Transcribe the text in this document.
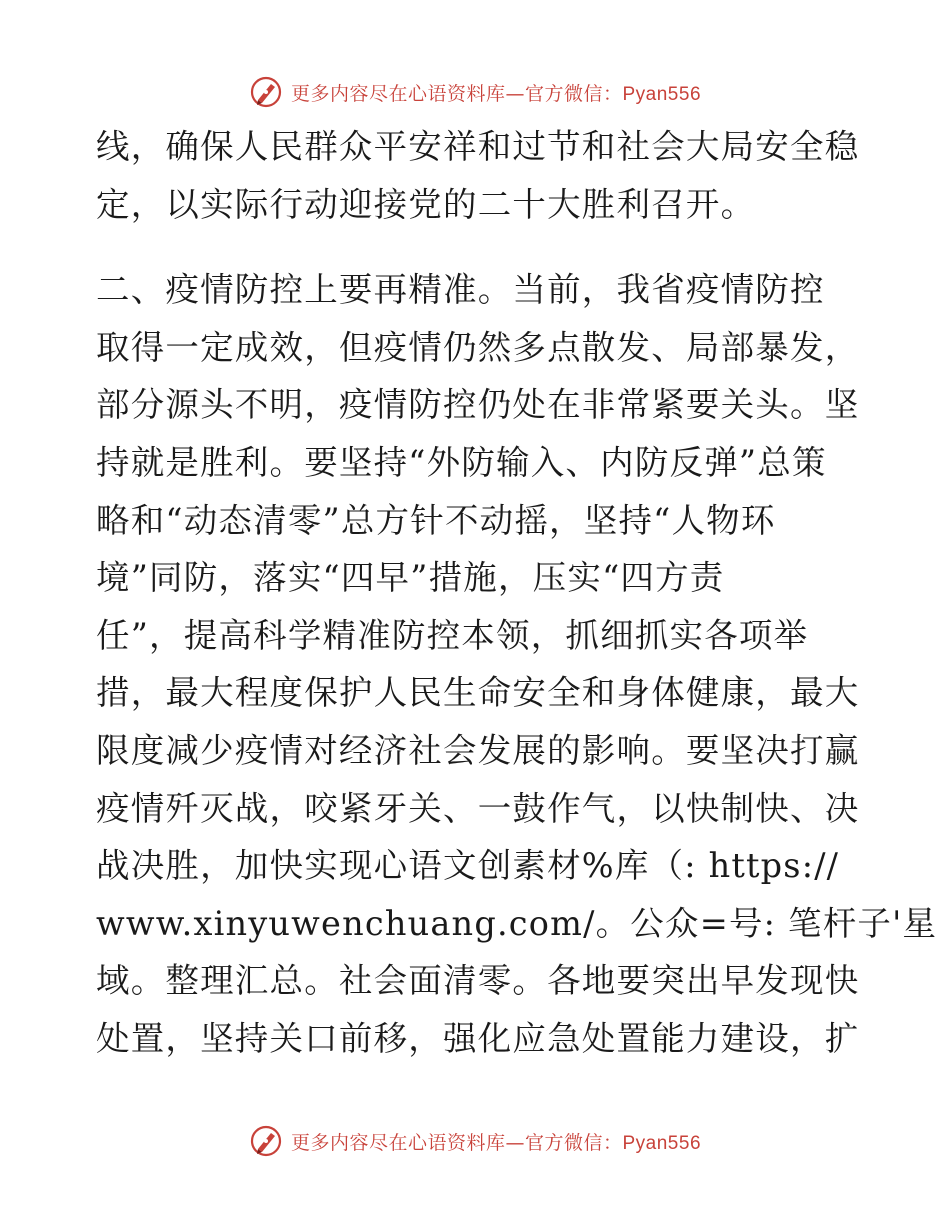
更多内容尽在心语资料库—官方微信：Pyan556
线，确保人民群众平安祥和过节和社会大局安全稳
定，以实际行动迎接党的二十大胜利召开。
二、疫情防控上要再精准。当前，我省疫情防控
取得一定成效，但疫情仍然多点散发、局部暴发，
部分源头不明，疫情防控仍处在非常紧要关头。坚
持就是胜利。要坚持“外防输入、内防反弹”总策
略和“动态清零”总方针不动摇，坚持“人物环
境”同防，落实“四早”措施，压实“四方责
任”，提高科学精准防控本领，抓细抓实各项举
措，最大程度保护人民生命安全和身体健康，最大
限度减少疫情对经济社会发展的影响。要坚决打赢
疫情歼灭战，咬紧牙关、一鼓作气，以快制快、决
战决胜，加快实现心语文创素材%库（: https://
www.xinyuwenchuang.com/。公众=号: 笔杆子'星
域。整理汇总。社会面清零。各地要突出早发现快
处置，坚持关口前移，强化应急处置能力建设，扩
更多内容尽在心语资料库—官方微信：Pyan556
